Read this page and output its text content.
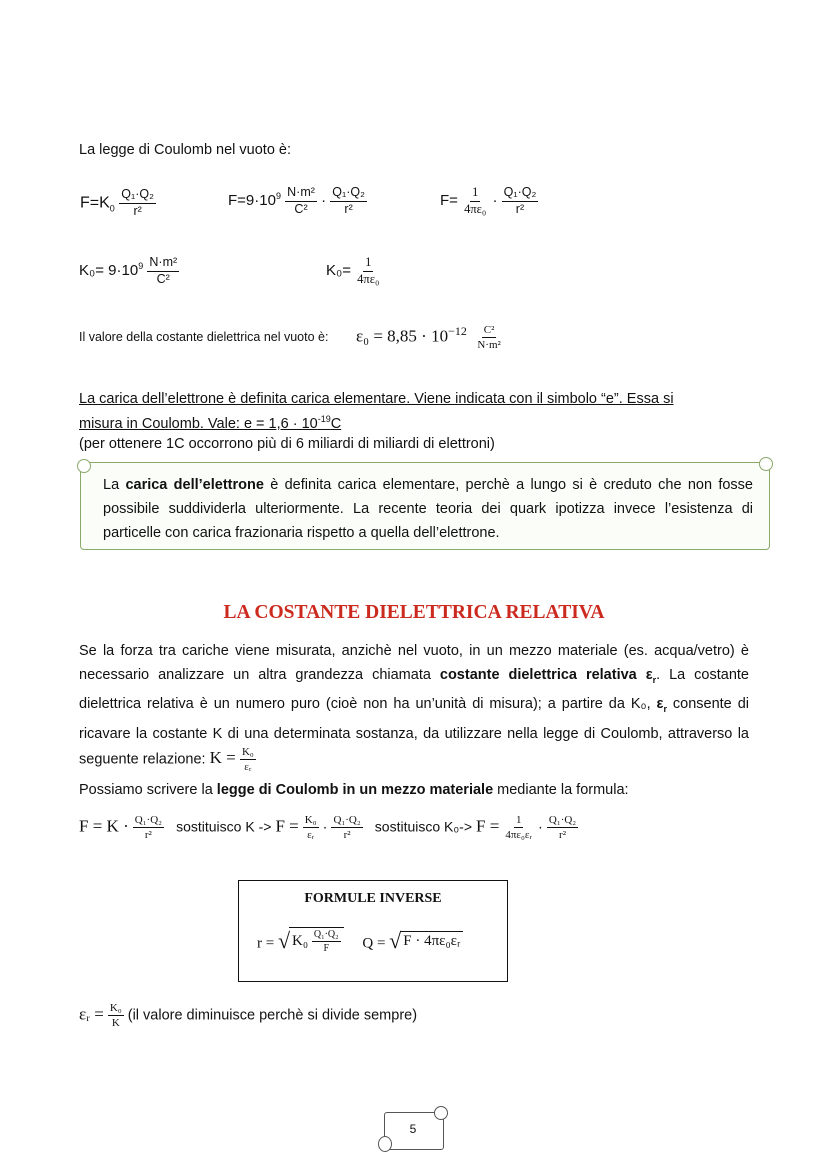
La legge di Coulomb nel vuoto è:
$F=K_0 \frac{\text{Q₁·Q₂}}{\text{r²}}$	$F=9\cdot 10^9 \frac{\text{N·m²}}{\text{C²}} \cdot \frac{\text{Q₁·Q₂}}{\text{r²}}$	$F= \frac{1}{\text{4πε₀}} \cdot \frac{\text{Q₁·Q₂}}{\text{r²}}$
$K_0= 9\cdot 10^9 \frac{\text{N·m²}}{\text{C²}}$	$K_0= \frac{1}{\text{4πε₀}}$
Il valore della costante dielettrica nel vuoto è: $\varepsilon_0 = 8,85 \cdot 10^{-12} \frac{\text{C²}}{\text{N·m²}}$
La carica dell’elettrone è definita carica elementare. Viene indicata con il simbolo “e”. Essa si
misura in Coulomb. Vale: $e = 1,6 \cdot 10^{-19}C$
(per ottenere 1C occorrono più di 6 miliardi di miliardi di elettroni)
La carica dell’elettrone è definita carica elementare, perchè a lungo si è creduto che non fosse possibile suddividerla ulteriormente. La recente teoria dei quark ipotizza invece l’esistenza di particelle con carica frazionaria rispetto a quella dell’elettrone.
LA COSTANTE DIELETTRICA RELATIVA
Se la forza tra cariche viene misurata, anzichè nel vuoto, in un mezzo materiale (es. acqua/vetro) è necessario analizzare un altra grandezza chiamata costante dielettrica relativa $\varepsilon_r$. La costante dielettrica relativa è un numero puro (cioè non ha un’unità di misura); a partire da K₀, $\varepsilon_r$ consente di ricavare la costante K di una determinata sostanza, da utilizzare nella legge di Coulomb, attraverso la seguente relazione: $K = \frac{\text{K₀}}{\text{εᵣ}}$
Possiamo scrivere la legge di Coulomb in un mezzo materiale mediante la formula:
$F = K \cdot \frac{\text{Q₁·Q₂}}{\text{r²}}$ sostituisco $K -> F = \frac{\text{K₀}}{\text{εᵣ}} \cdot \frac{\text{Q₁·Q₂}}{\text{r²}}$ sostituisco $K_0-> F = \frac{1}{\text{4πε₀εᵣ}} \cdot \frac{\text{Q₁·Q₂}}{\text{r²}}$
FORMULE INVERSE
r = √ $K_0 \frac{\text{Q₁·Q₂}}{F}$ Q = √ F · 4πε₀εᵣ
εᵣ = $\frac{\text{K₀}}{K} (il$ valore diminuisce perchè si divide sempre)
5
